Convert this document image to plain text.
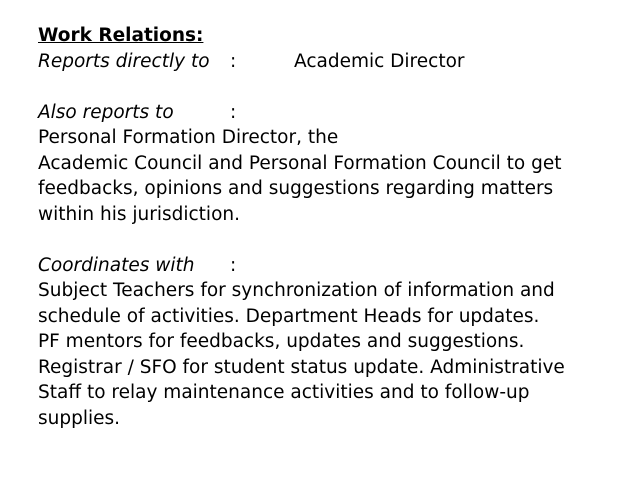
Work Relations:
Reports directly to :	Academic Director
Also reports to	:
Personal Formation Director, the
Academic Council and Personal Formation Council to get
feedbacks, opinions and suggestions regarding matters
within his jurisdiction.
Coordinates with :
Subject Teachers for synchronization of information and
schedule of activities. Department Heads for updates.
PF mentors for feedbacks, updates and suggestions.
Registrar / SFO for student status update. Administrative
Staff to relay maintenance activities and to follow-up
supplies.
